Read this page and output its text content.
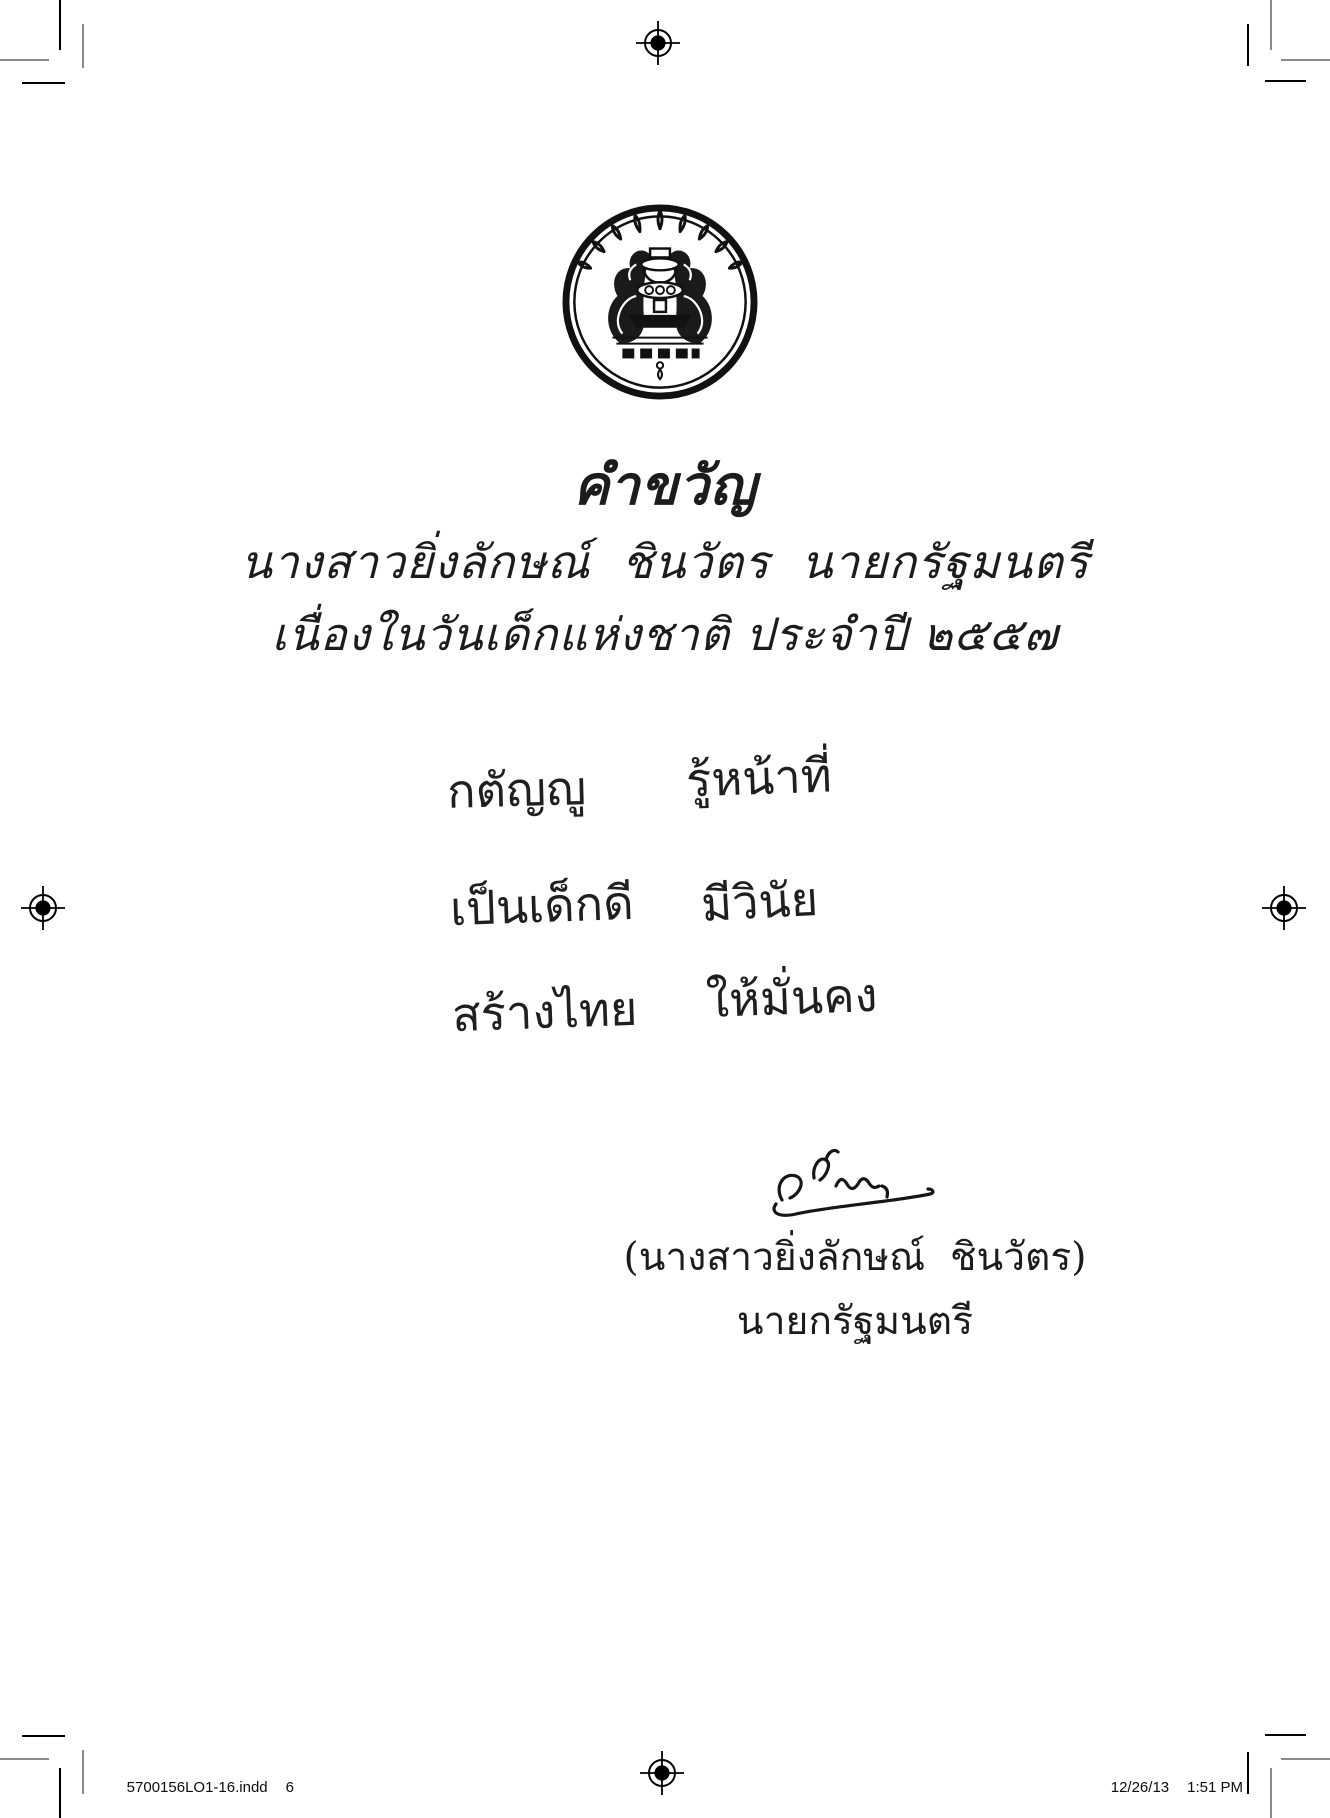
คำขวัญ
นางสาวยิ่งลักษณ์  ชินวัตร  นายกรัฐมนตรี
เนื่องในวันเด็กแห่งชาติ ประจำปี ๒๕๕๗
กตัญญู รู้หน้าที่
เป็นเด็กดี มีวินัย
สร้างไทย ให้มั่นคง
(นางสาวยิ่งลักษณ์  ชินวัตร)
นายกรัฐมนตรี

5700156LO1-16.indd 6
	12/26/13 1:51 PM
